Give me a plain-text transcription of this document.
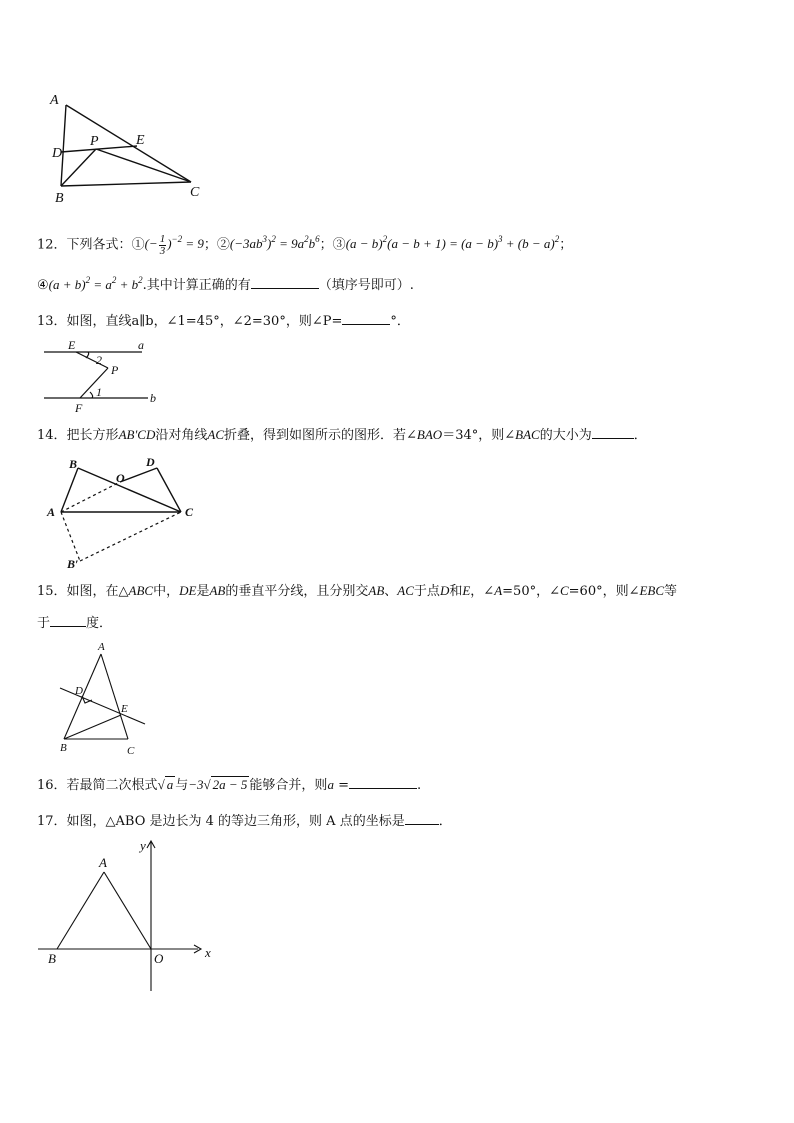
A
D
P	E
B	C
12．下列各式：①(− $\frac{1}{3} )^{-2} = 9$；$②(-3ab^3)^2 = 9a^2b^6$；③(a − $b)^2(a - b + 1) = (a - b)^3 + (b - a)^2$；
④(a + $b)^2 = a^2 + b^2$.其中计算正确的有	（填序号即可）.
13．如图，直线a∥b，∠1=45°，∠2=30°，则∠P=	°．
E
2
a
P
1
F
b
14．把长方形AB′CD沿对角线AC折叠，得到如图所示的图形．若∠BAO＝34°，则∠BAC的大小为	．
B
O
D
A	C
B′
15．如图，在△ABC中，DE是AB的垂直平分线，且分别交AB、AC于点D和E，∠A=50°，∠C=60°，则∠EBC等
于	度．
A
D
E
B	C
16．若最简二次根式√ a 与−3√ 2a − 5 能够合并，则a =	.
17．如图，△ABO 是边长为 4 的等边三角形，则 A 点的坐标是	．
y
A
B	O	x
